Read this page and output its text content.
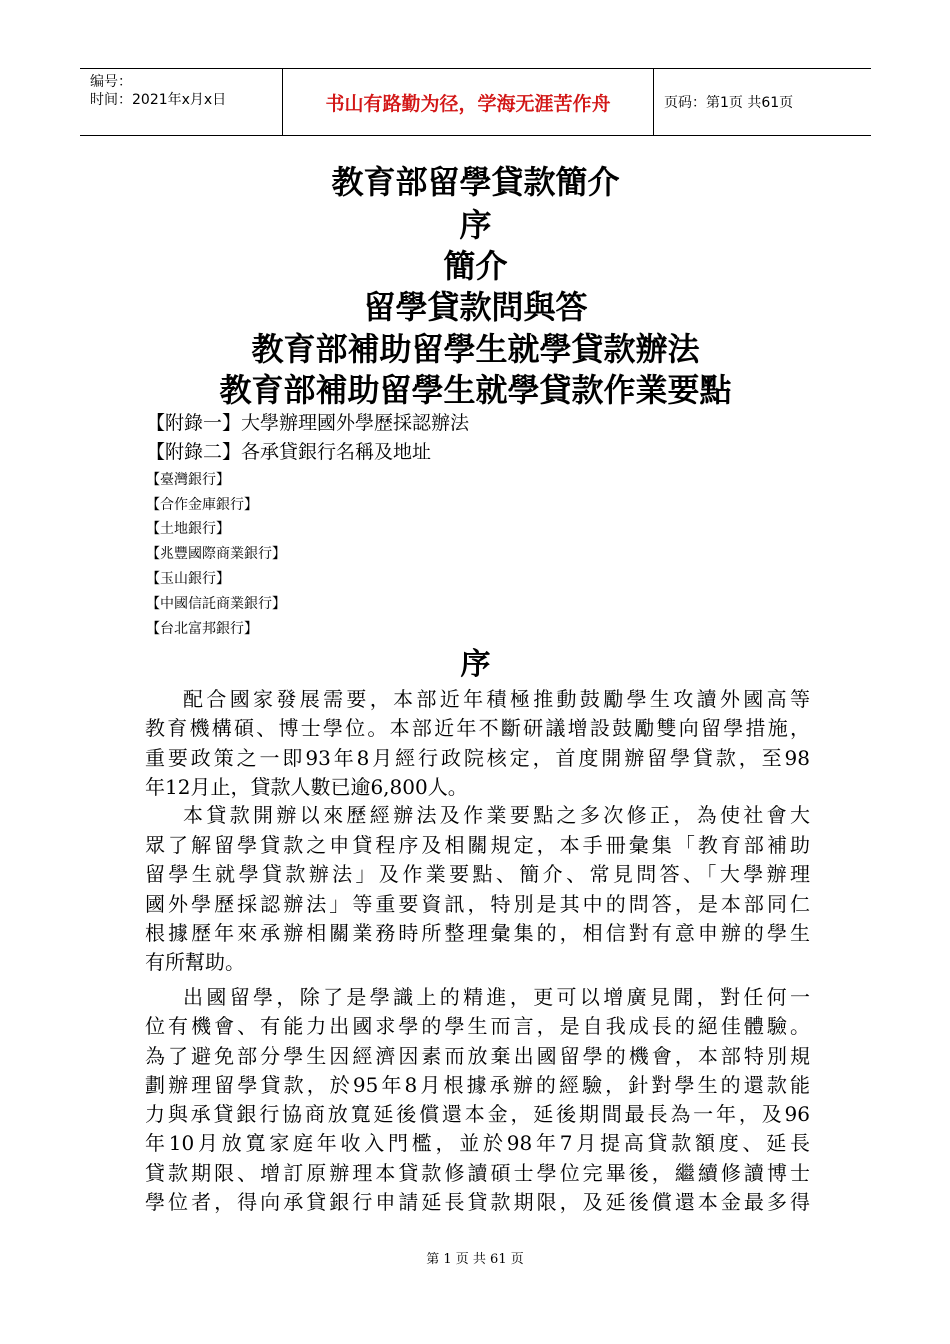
编号：
时间：2021年x月x日	书山有路勤为径，学海无涯苦作舟	页码：第1页 共61页
教育部留學貸款簡介
序
簡介
留學貸款問與答
教育部補助留學生就學貸款辦法
教育部補助留學生就學貸款作業要點
【附錄一】大學辦理國外學歷採認辦法
【附錄二】各承貸銀行名稱及地址
【臺灣銀行】
【合作金庫銀行】
【土地銀行】
【兆豐國際商業銀行】
【玉山銀行】
【中國信託商業銀行】
【台北富邦銀行】
序
配合國家發展需要，本部近年積極推動鼓勵學生攻讀外國高等
教育機構碩、博士學位。本部近年不斷研議增設鼓勵雙向留學措施，
重要政策之一即93年8月經行政院核定，首度開辦留學貸款，至98
年12月止，貸款人數已逾6,800人。
本貸款開辦以來歷經辦法及作業要點之多次修正，為使社會大
眾了解留學貸款之申貸程序及相關規定，本手冊彙集「教育部補助
留學生就學貸款辦法」及作業要點、簡介、常見問答、「大學辦理
國外學歷採認辦法」等重要資訊，特別是其中的問答，是本部同仁
根據歷年來承辦相關業務時所整理彙集的，相信對有意申辦的學生
有所幫助。
出國留學，除了是學識上的精進，更可以增廣見聞，對任何一
位有機會、有能力出國求學的學生而言，是自我成長的絕佳體驗。
為了避免部分學生因經濟因素而放棄出國留學的機會，本部特別規
劃辦理留學貸款，於95年8月根據承辦的經驗，針對學生的還款能
力與承貸銀行協商放寬延後償還本金，延後期間最長為一年，及96
年10月放寬家庭年收入門檻，並於98年7月提高貸款額度、延長
貸款期限、增訂原辦理本貸款修讀碩士學位完畢後，繼續修讀博士
學位者，得向承貸銀行申請延長貸款期限，及延後償還本金最多得
第 1 页 共 61 页
